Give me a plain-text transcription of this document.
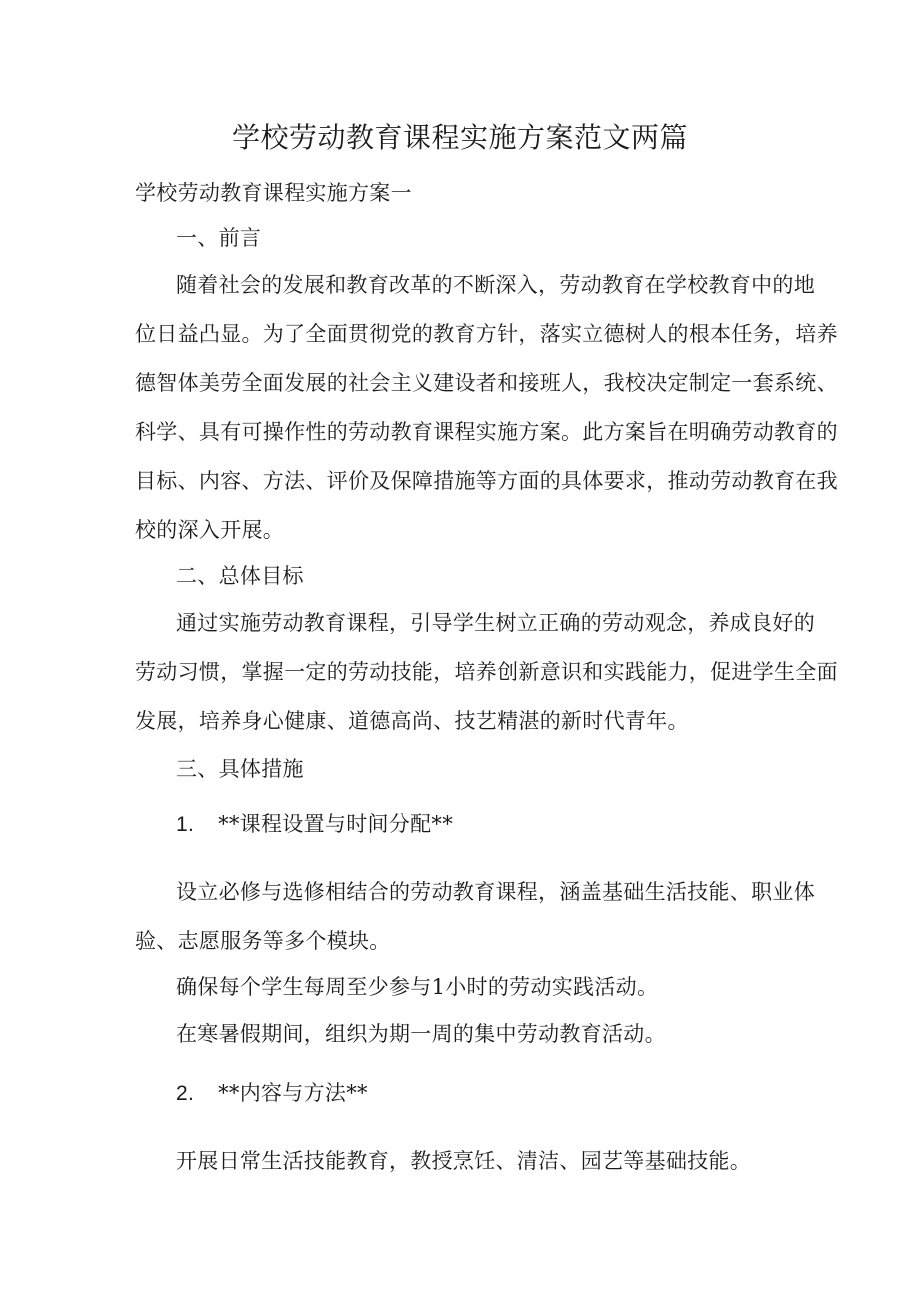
学校劳动教育课程实施方案范文两篇
学校劳动教育课程实施方案一
一、前言
随着社会的发展和教育改革的不断深入，劳动教育在学校教育中的地
位日益凸显。为了全面贯彻党的教育方针，落实立德树人的根本任务，培养
德智体美劳全面发展的社会主义建设者和接班人，我校决定制定一套系统、
科学、具有可操作性的劳动教育课程实施方案。此方案旨在明确劳动教育的
目标、内容、方法、评价及保障措施等方面的具体要求，推动劳动教育在我
校的深入开展。
二、总体目标
通过实施劳动教育课程，引导学生树立正确的劳动观念，养成良好的
劳动习惯，掌握一定的劳动技能，培养创新意识和实践能力，促进学生全面
发展，培养身心健康、道德高尚、技艺精湛的新时代青年。
三、具体措施
1. **课程设置与时间分配**
设立必修与选修相结合的劳动教育课程，涵盖基础生活技能、职业体
验、志愿服务等多个模块。
确保每个学生每周至少参与1小时的劳动实践活动。
在寒暑假期间，组织为期一周的集中劳动教育活动。
2. **内容与方法**
开展日常生活技能教育，教授烹饪、清洁、园艺等基础技能。
